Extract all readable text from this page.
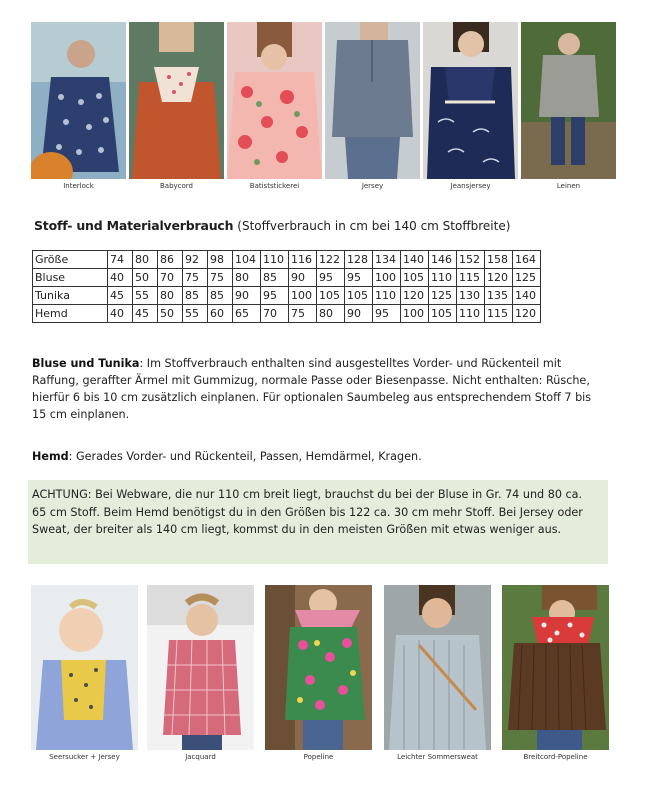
Interlock	Babycord	Batiststickerei	Jersey	Jeansjersey	Leinen
Stoff- und Materialverbrauch (Stoffverbrauch in cm bei 140 cm Stoffbreite)
Größe	74	80	86	92	98	104	110	116	122	128	134	140	146	152	158	164
Bluse	40	50	70	75	75	80	85	90	95	95	100	105	110	115	120	125
Tunika	45	55	80	85	85	90	95	100	105	105	110	120	125	130	135	140
Hemd	40	45	50	55	60	65	70	75	80	90	95	100	105	110	115	120
Bluse und Tunika: Im Stoffverbrauch enthalten sind ausgestelltes Vorder- und Rückenteil mit Raffung, geraffter Ärmel mit Gummizug, normale Passe oder Biesenpasse. Nicht enthalten: Rüsche, hierfür 6 bis 10 cm zusätzlich einplanen. Für optionalen Saumbeleg aus entsprechendem Stoff 7 bis 15 cm einplanen.
Hemd: Gerades Vorder- und Rückenteil, Passen, Hemdärmel, Kragen.
ACHTUNG: Bei Webware, die nur 110 cm breit liegt, brauchst du bei der Bluse in Gr. 74 und 80 ca. 65 cm Stoff. Beim Hemd benötigst du in den Größen bis 122 ca. 30 cm mehr Stoff. Bei Jersey oder Sweat, der breiter als 140 cm liegt, kommst du in den meisten Größen mit etwas weniger aus.
Seersucker + Jersey	Jacquard	Popeline	Leichter Sommersweat	Breitcord-Popeline
